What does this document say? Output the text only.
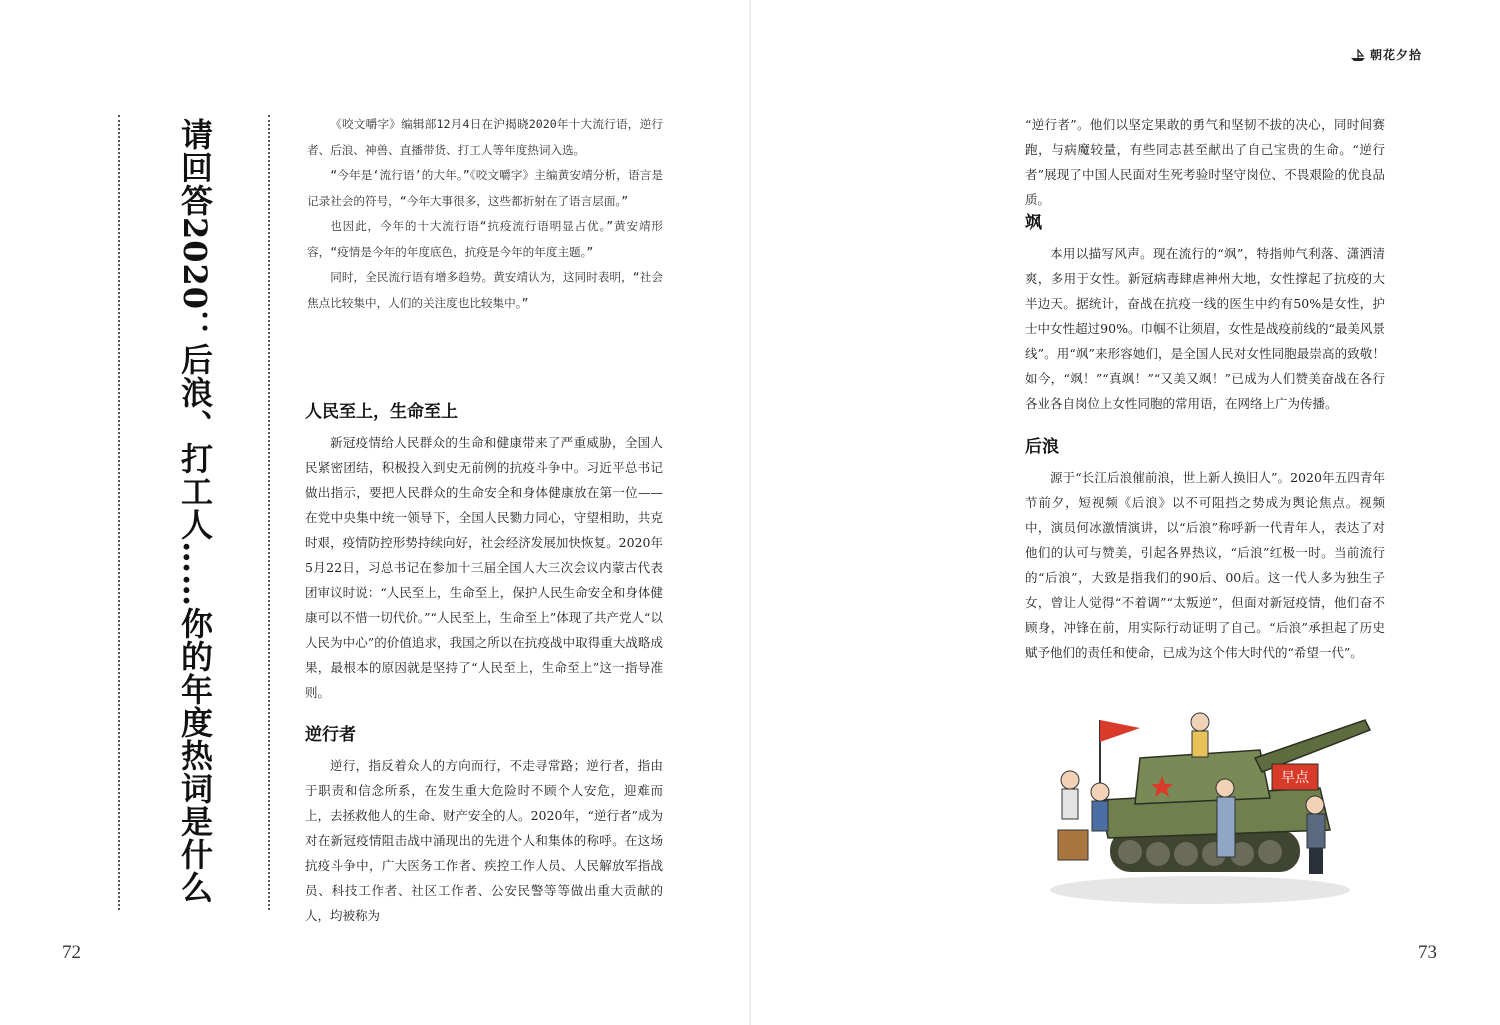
朝花夕拾
请回答2020：后浪、打工人……你的年度热词是什么	《咬文嚼字》编辑部12月4日在沪揭晓2020年十大流行语，逆行者、后浪、神兽、直播带货、打工人等年度热词入选。

“今年是‘流行语’的大年。”《咬文嚼字》主编黄安靖分析，语言是记录社会的符号，“今年大事很多，这些都折射在了语言层面。”

也因此，今年的十大流行语“抗疫流行语明显占优。”黄安靖形容，“疫情是今年的年度底色，抗疫是今年的年度主题。”

同时，全民流行语有增多趋势。黄安靖认为，这同时表明，“社会焦点比较集中，人们的关注度也比较集中。”

人民至上，生命至上

新冠疫情给人民群众的生命和健康带来了严重威胁，全国人民紧密团结，积极投入到史无前例的抗疫斗争中。习近平总书记做出指示，要把人民群众的生命安全和身体健康放在第一位——在党中央集中统一领导下，全国人民勠力同心，守望相助，共克时艰，疫情防控形势持续向好，社会经济发展加快恢复。2020年5月22日，习总书记在参加十三届全国人大三次会议内蒙古代表团审议时说：“人民至上，生命至上，保护人民生命安全和身体健康可以不惜一切代价。”“人民至上，生命至上”体现了共产党人“以人民为中心”的价值追求，我国之所以在抗疫战中取得重大战略成果，最根本的原因就是坚持了“人民至上，生命至上”这一指导准则。

逆行者

逆行，指反着众人的方向而行，不走寻常路；逆行者，指由于职责和信念所系，在发生重大危险时不顾个人安危，迎难而上，去拯救他人的生命、财产安全的人。2020年，“逆行者”成为对在新冠疫情阻击战中涌现出的先进个人和集体的称呼。在这场抗疫斗争中，广大医务工作者、疾控工作人员、人民解放军指战员、科技工作者、社区工作者、公安民警等等做出重大贡献的人，均被称为

72

“逆行者”。他们以坚定果敢的勇气和坚韧不拔的决心，同时间赛跑，与病魔较量，有些同志甚至献出了自己宝贵的生命。“逆行者”展现了中国人民面对生死考验时坚守岗位、不畏艰险的优良品质。

飒

本用以描写风声。现在流行的“飒”，特指帅气利落、潇洒清爽，多用于女性。新冠病毒肆虐神州大地，女性撑起了抗疫的大半边天。据统计，奋战在抗疫一线的医生中约有50%是女性，护士中女性超过90%。巾帼不让须眉，女性是战疫前线的“最美风景线”。用“飒”来形容她们，是全国人民对女性同胞最崇高的致敬！如今，“飒！”“真飒！”“又美又飒！”已成为人们赞美奋战在各行各业各自岗位上女性同胞的常用语，在网络上广为传播。

后浪

源于“长江后浪催前浪，世上新人换旧人”。2020年五四青年节前夕，短视频《后浪》以不可阻挡之势成为舆论焦点。视频中，演员何冰激情演讲，以“后浪”称呼新一代青年人，表达了对他们的认可与赞美，引起各界热议，“后浪”红极一时。当前流行的“后浪”，大致是指我们的90后、00后。这一代人多为独生子女，曾让人觉得“不着调”“太叛逆”，但面对新冠疫情，他们奋不顾身，冲锋在前，用实际行动证明了自己。“后浪”承担起了历史赋予他们的责任和使命，已成为这个伟大时代的“希望一代”。

早点
73
